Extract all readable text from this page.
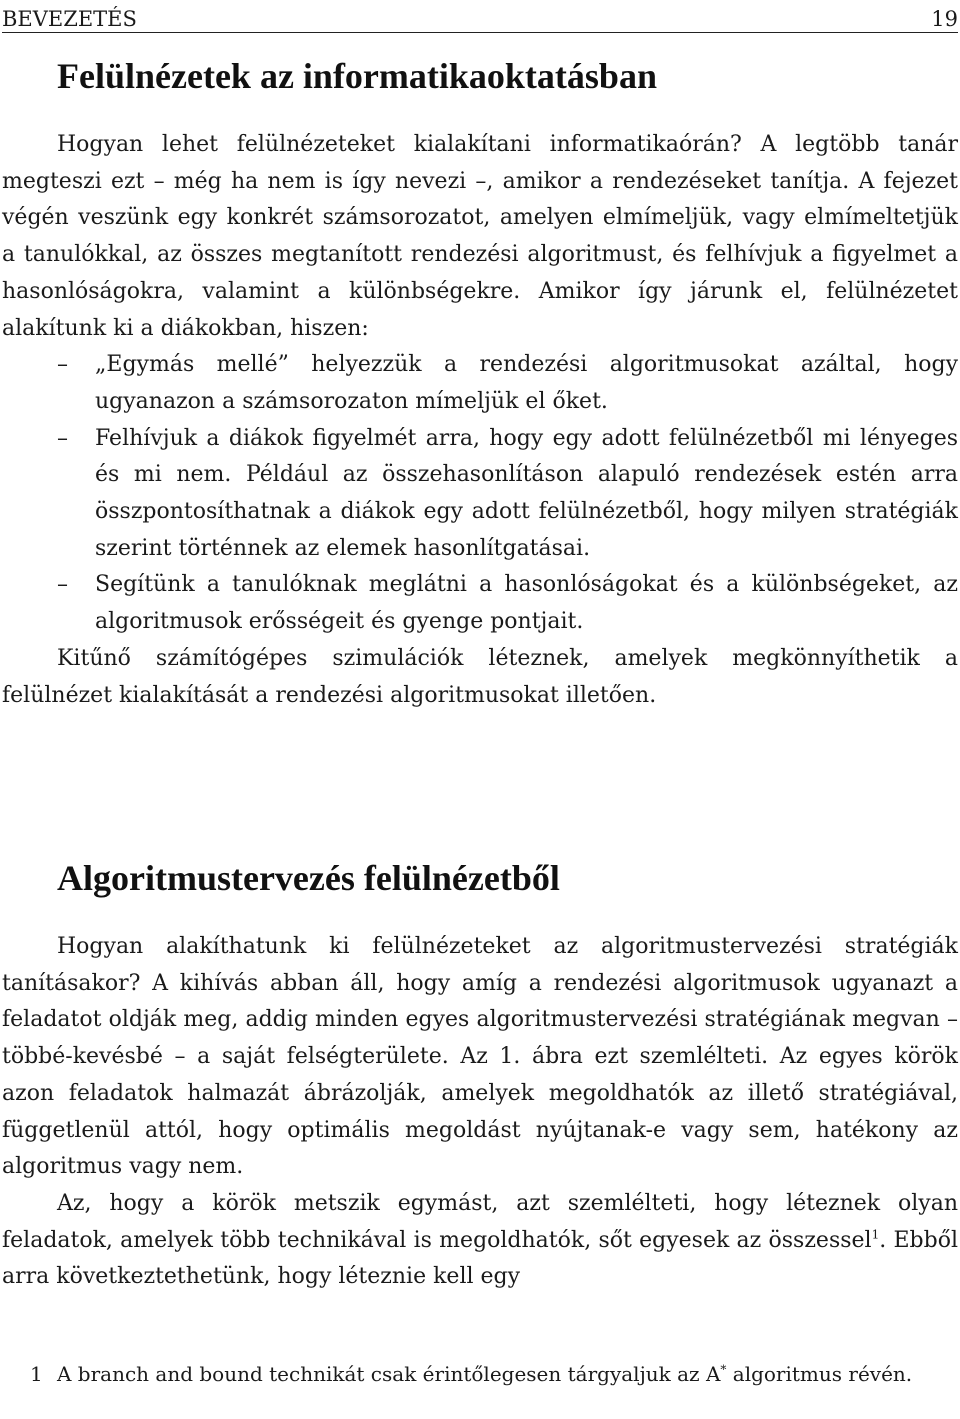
BEVEZETÉS	19
Felülnézetek az informatikaoktatásban

Hogyan lehet felülnézeteket kialakítani informatikaórán? A legtöbb tanár megteszi ezt – még ha nem is így nevezi –, amikor a rendezéseket tanítja. A fejezet végén veszünk egy konkrét számsorozatot, amelyen elmímeljük, vagy elmímeltetjük a tanulókkal, az összes megtanított rendezési algoritmust, és felhívjuk a figyelmet a hasonlóságokra, valamint a különbségekre. Amikor így járunk el, felülnézetet alakítunk ki a diákokban, hiszen:

– „Egymás mellé” helyezzük a rendezési algoritmusokat azáltal, hogy ugyanazon a számsorozaton mímeljük el őket.
– Felhívjuk a diákok figyelmét arra, hogy egy adott felülnézetből mi lényeges és mi nem. Például az összehasonlításon alapuló rendezések estén arra összpontosíthatnak a diákok egy adott felülnézetből, hogy milyen stratégiák szerint történnek az elemek hasonlítgatásai.
– Segítünk a tanulóknak meglátni a hasonlóságokat és a különbségeket, az algoritmusok erősségeit és gyenge pontjait.

Kitűnő számítógépes szimulációk léteznek, amelyek megkönnyíthetik a felülnézet kialakítását a rendezési algoritmusokat illetően.

Algoritmustervezés felülnézetből

Hogyan alakíthatunk ki felülnézeteket az algoritmustervezési stratégiák tanításakor? A kihívás abban áll, hogy amíg a rendezési algoritmusok ugyanazt a feladatot oldják meg, addig minden egyes algoritmustervezési stratégiának megvan – többé-kevésbé – a saját felségterülete. Az 1. ábra ezt szemlélteti. Az egyes körök azon feladatok halmazát ábrázolják, amelyek megoldhatók az illető stratégiával, függetlenül attól, hogy optimális megoldást nyújtanak-e vagy sem, hatékony az algoritmus vagy nem.

Az, hogy a körök metszik egymást, azt szemlélteti, hogy léteznek olyan feladatok, amelyek több technikával is megoldhatók, sőt egyesek az összessel$^1$. Ebből arra következtethetünk, hogy léteznie kell egy

1 A branch and bound technikát csak érintőlegesen tárgyaljuk az A* algoritmus révén.
